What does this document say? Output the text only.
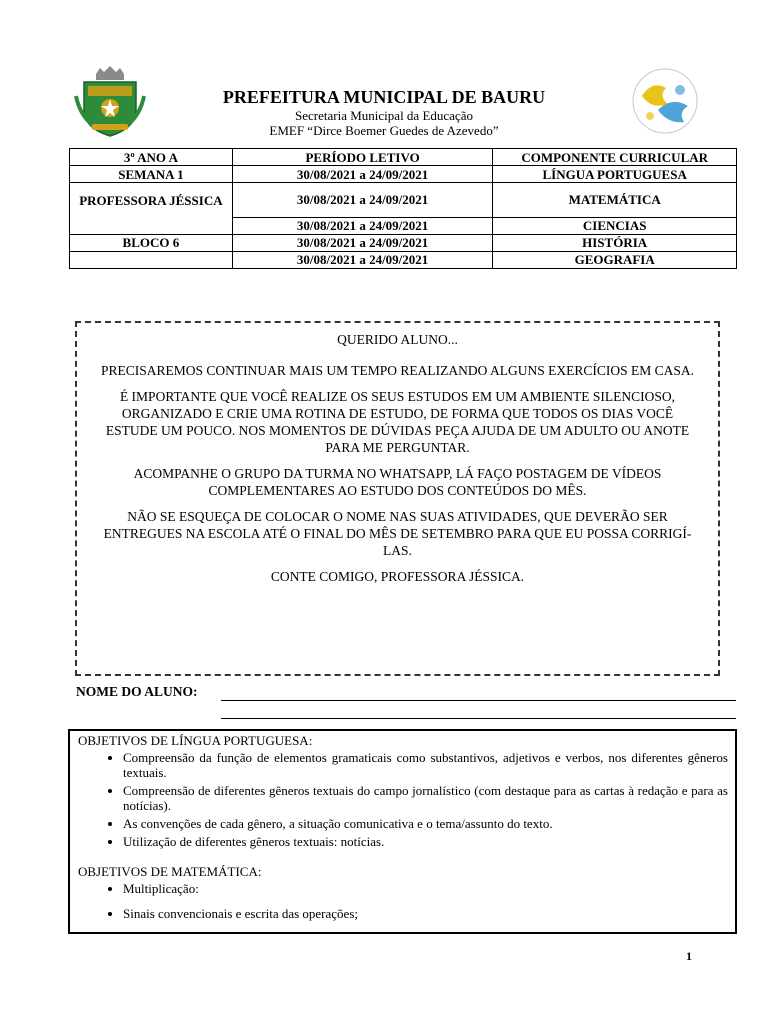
PREFEITURA MUNICIPAL DE BAURU
Secretaria Municipal da Educação
EMEF “Dirce Boemer Guedes de Azevedo”
3º ANO A	PERÍODO LETIVO	COMPONENTE CURRICULAR
SEMANA 1	30/08/2021 a 24/09/2021	LÍNGUA PORTUGUESA
PROFESSORA JÉSSICA	30/08/2021 a 24/09/2021	MATEMÁTICA
	30/08/2021 a 24/09/2021	CIENCIAS
BLOCO 6	30/08/2021 a 24/09/2021	HISTÓRIA
	30/08/2021 a 24/09/2021	GEOGRAFIA

QUERIDO ALUNO...

PRECISAREMOS CONTINUAR MAIS UM TEMPO REALIZANDO ALGUNS EXERCÍCIOS EM CASA.

É IMPORTANTE QUE VOCÊ REALIZE OS SEUS ESTUDOS EM UM AMBIENTE SILENCIOSO, ORGANIZADO E CRIE UMA ROTINA DE ESTUDO, DE FORMA QUE TODOS OS DIAS VOCÊ ESTUDE UM POUCO. NOS MOMENTOS DE DÚVIDAS PEÇA AJUDA DE UM ADULTO OU ANOTE PARA ME PERGUNTAR.

ACOMPANHE O GRUPO DA TURMA NO WHATSAPP, LÁ FAÇO POSTAGEM DE VÍDEOS COMPLEMENTARES AO ESTUDO DOS CONTEÚDOS DO MÊS.

NÃO SE ESQUEÇA DE COLOCAR O NOME NAS SUAS ATIVIDADES, QUE DEVERÃO SER ENTREGUES NA ESCOLA ATÉ O FINAL DO MÊS DE SETEMBRO PARA QUE EU POSSA CORRIGÍ-LAS.

CONTE COMIGO, PROFESSORA JÉSSICA.

NOME DO ALUNO:

OBJETIVOS DE LÍNGUA PORTUGUESA:

• Compreensão da função de elementos gramaticais como substantivos, adjetivos e verbos, nos diferentes gêneros textuais.
• Compreensão de diferentes gêneros textuais do campo jornalístico (com destaque para as cartas à redação e para as notícias).
• As convenções de cada gênero, a situação comunicativa e o tema/assunto do texto.
• Utilização de diferentes gêneros textuais: notícias.

OBJETIVOS DE MATEMÁTICA:

• Multiplicação:
• Sinais convencionais e escrita das operações;
1
